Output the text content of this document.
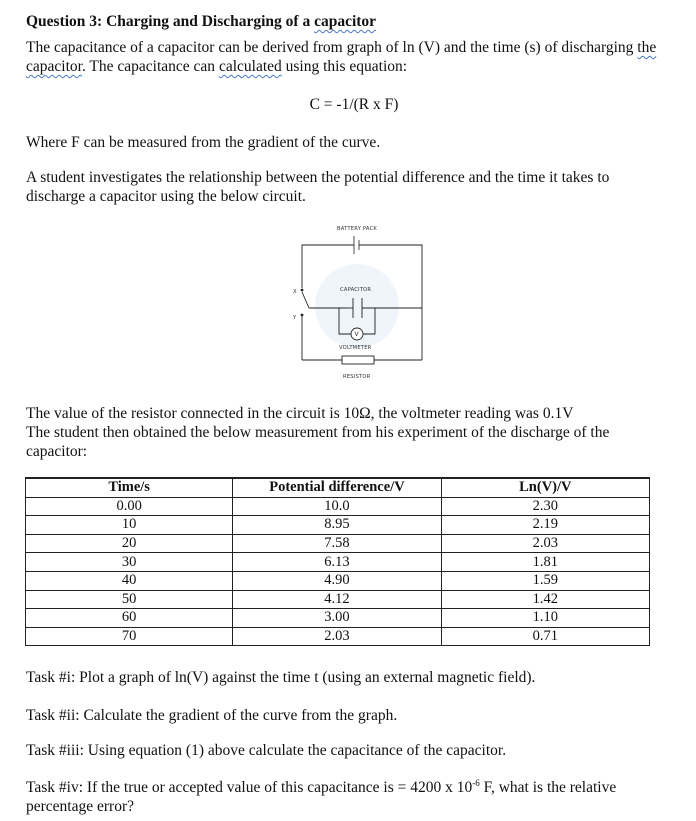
Question 3: Charging and Discharging of a capacitor
The capacitance of a capacitor can be derived from graph of ln (V) and the time (s) of discharging the
capacitor. The capacitance can calculated using this equation:
C = -1/(R x F)
Where F can be measured from the gradient of the curve.
A student investigates the relationship between the potential difference and the time it takes to
discharge a capacitor using the below circuit.
BATTERY PACK
X
Y
CAPACITOR
V
VOLTMETER
RESISTOR
The value of the resistor connected in the circuit is 10Ω, the voltmeter reading was 0.1V
The student then obtained the below measurement from his experiment of the discharge of the
capacitor:
Time/s	Potential difference/V	Ln(V)/V
0.00	10.0	2.30
10	8.95	2.19
20	7.58	2.03
30	6.13	1.81
40	4.90	1.59
50	4.12	1.42
60	3.00	1.10
70	2.03	0.71
Task #i: Plot a graph of ln(V) against the time t (using an external magnetic field).
Task #ii: Calculate the gradient of the curve from the graph.
Task #iii: Using equation (1) above calculate the capacitance of the capacitor.
Task #iv: If the true or accepted value of this capacitance is = 4200 x $10^{-6}$ F, what is the relative
percentage error?
